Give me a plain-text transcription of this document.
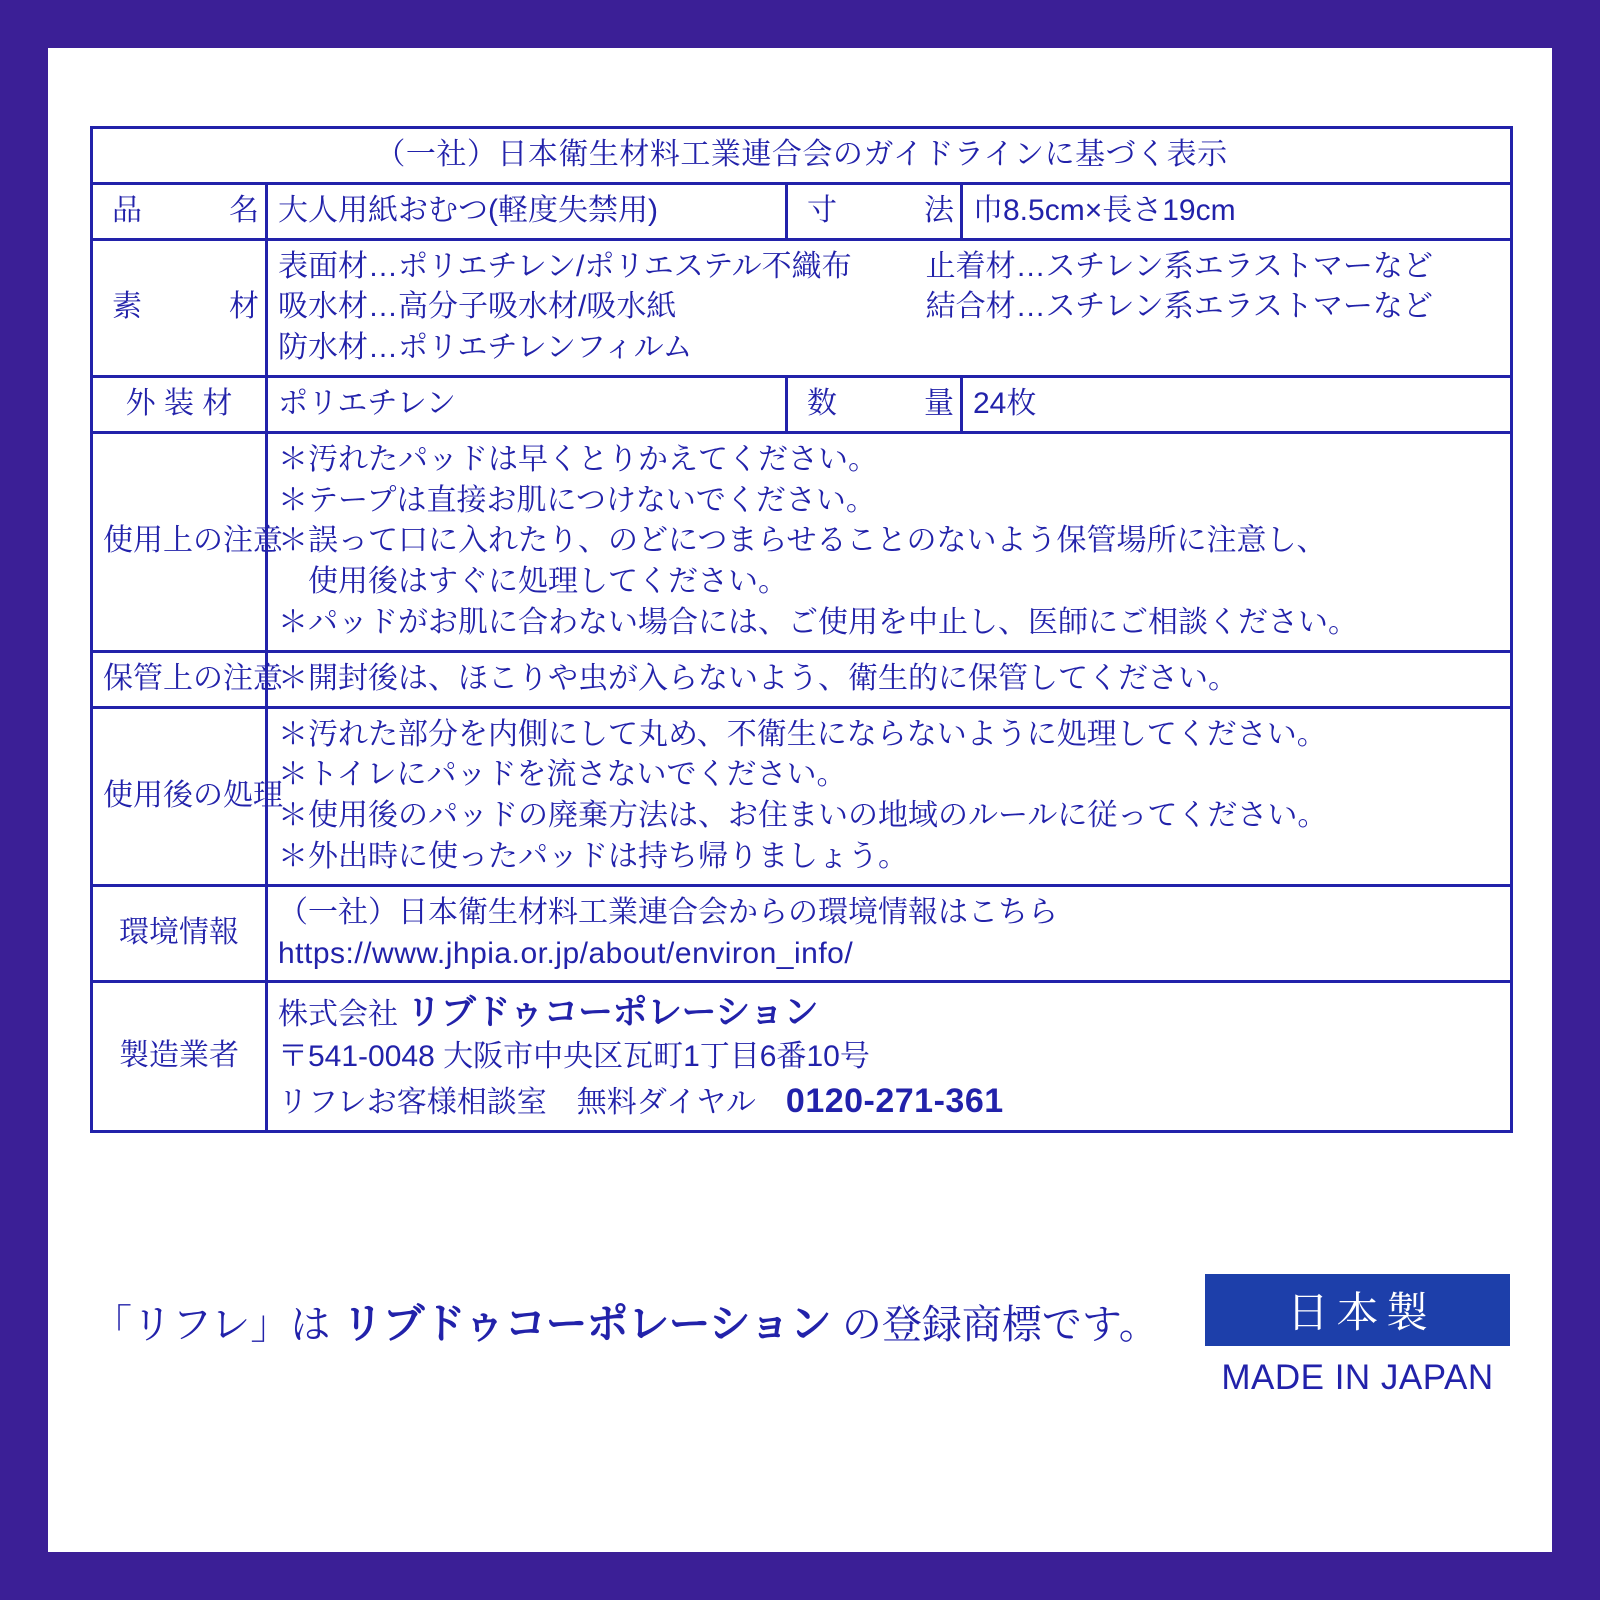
（一社）日本衛生材料工業連合会のガイドラインに基づく表示			
品　　名	大人用紙おむつ(軽度失禁用)	寸　　法	巾8.5cm×長さ19cm
素　　材	表面材…ポリエチレン/ポリエステル不織布 止着材…スチレン系エラストマーなど
吸水材…高分子吸水材/吸水紙 結合材…スチレン系エラストマーなど
防水材…ポリエチレンフィルム		

外 装 材	ポリエチレン	数　　量	24枚
使用上の注意	＊汚れたパッドは早くとりかえてください。
＊テープは直接お肌につけないでください。
＊誤って口に入れたり、のどにつまらせることのないよう保管場所に注意し、
　使用後はすぐに処理してください。
＊パッドがお肌に合わない場合には、ご使用を中止し、医師にご相談ください。		

保管上の注意	＊開封後は、ほこりや虫が入らないよう、衛生的に保管してください。		

使用後の処理	＊汚れた部分を内側にして丸め、不衛生にならないように処理してください。
＊トイレにパッドを流さないでください。
＊使用後のパッドの廃棄方法は、お住まいの地域のルールに従ってください。
＊外出時に使ったパッドは持ち帰りましょう。		

環境情報	（一社）日本衛生材料工業連合会からの環境情報はこちら
https://www.jhpia.or.jp/about/environ_info/		

製造業者	株式会社 リブドゥコーポレーション
〒541-0048 大阪市中央区瓦町1丁目6番10号
リフレお客様相談室　無料ダイヤル　 0120-271-361		
「リフレ」は リブドゥコーポレーション の登録商標です。	日本製
MADE IN JAPAN
